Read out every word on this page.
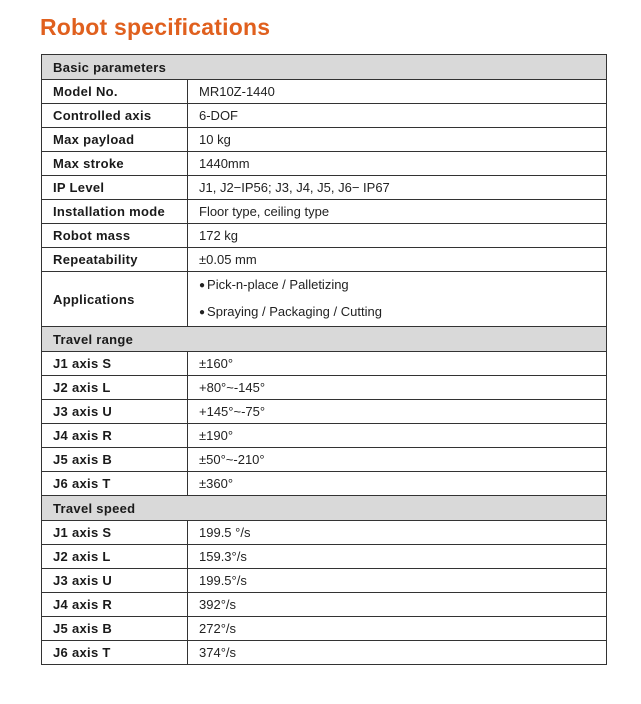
Robot specifications
Basic parameters	
Model No.	MR10Z-1440
Controlled axis	6-DOF
Max payload	10 kg
Max stroke	1440mm
IP Level	J1, J2−IP56; J3, J4, J5, J6− IP67
Installation mode	Floor type, ceiling type
Robot mass	172 kg
Repeatability	±0.05 mm
Applications	● Pick-n-place / Palletizing
● Spraying / Packaging / Cutting

Travel range	
J1 axis S	±160°
J2 axis L	+80°~-145°
J3 axis U	+145°~-75°
J4 axis R	±190°
J5 axis B	±50°~-210°
J6 axis T	±360°
Travel speed	
J1 axis S	199.5 °/s
J2 axis L	159.3°/s
J3 axis U	199.5°/s
J4 axis R	392°/s
J5 axis B	272°/s
J6 axis T	374°/s
